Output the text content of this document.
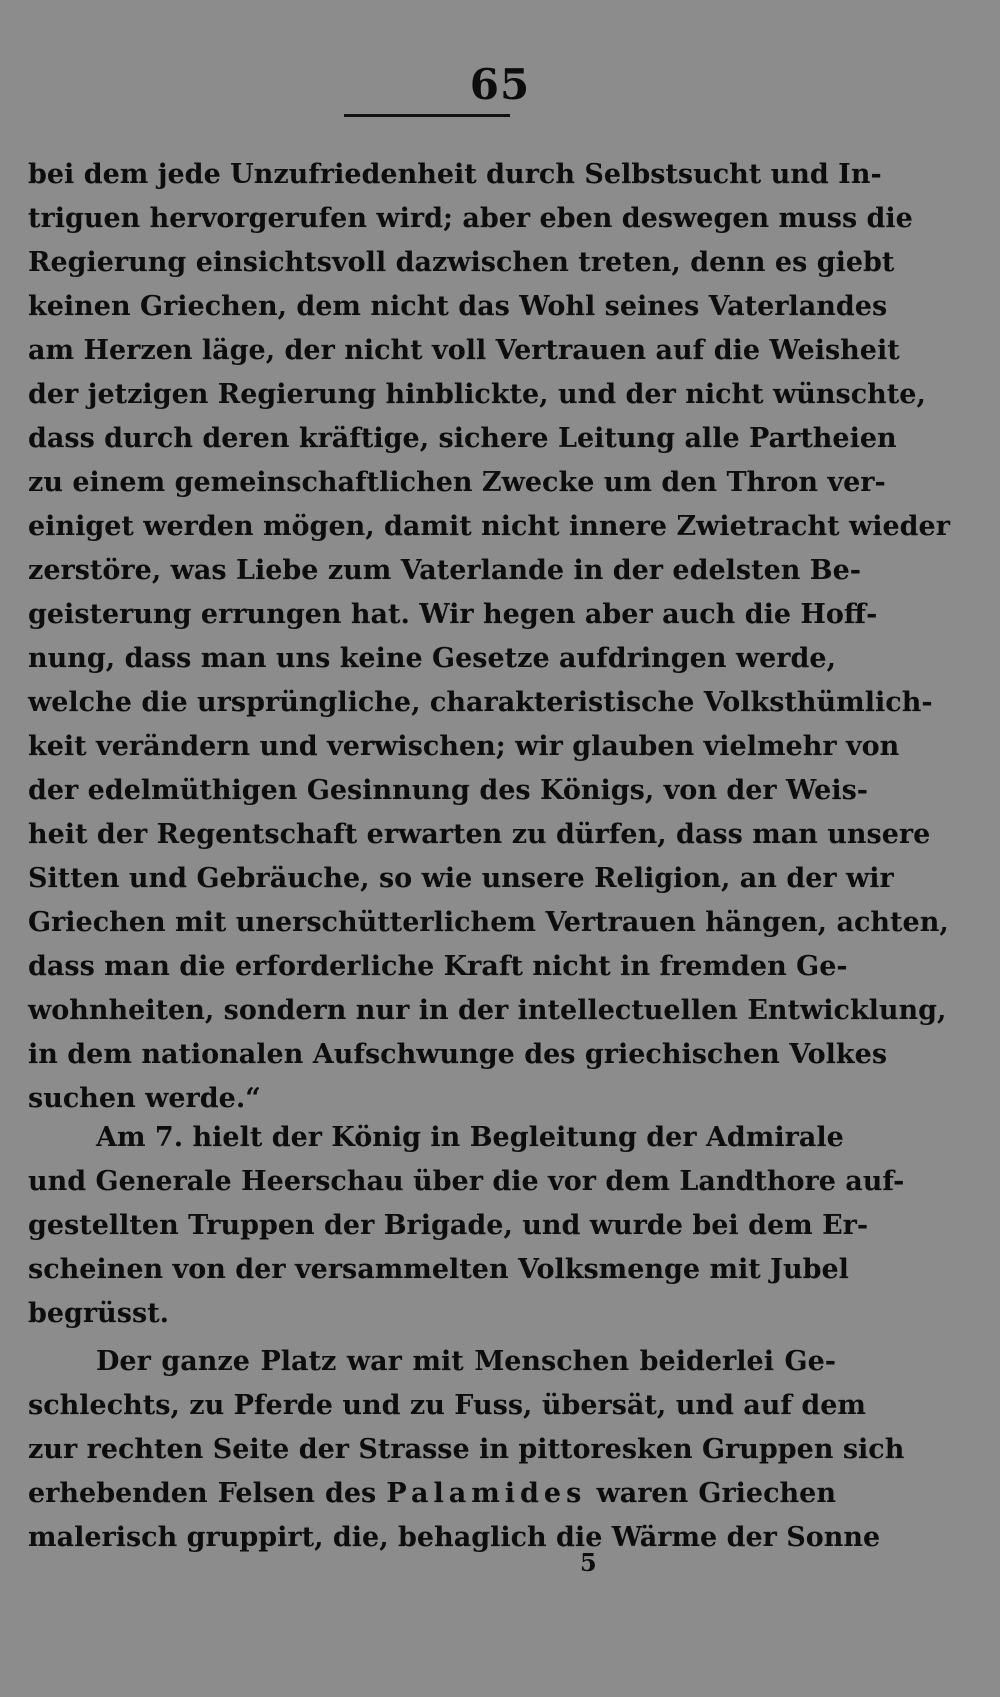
65
bei dem jede Unzufriedenheit durch Selbstsucht und In-
triguen hervorgerufen wird; aber eben deswegen muss die
Regierung einsichtsvoll dazwischen treten, denn es giebt
keinen Griechen, dem nicht das Wohl seines Vaterlandes
am Herzen läge, der nicht voll Vertrauen auf die Weisheit
der jetzigen Regierung hinblickte, und der nicht wünschte,
dass durch deren kräftige, sichere Leitung alle Partheien
zu einem gemeinschaftlichen Zwecke um den Thron ver-
einiget werden mögen, damit nicht innere Zwietracht wieder
zerstöre, was Liebe zum Vaterlande in der edelsten Be-
geisterung errungen hat. Wir hegen aber auch die Hoff-
nung, dass man uns keine Gesetze aufdringen werde,
welche die ursprüngliche, charakteristische Volksthümlich-
keit verändern und verwischen; wir glauben vielmehr von
der edelmüthigen Gesinnung des Königs, von der Weis-
heit der Regentschaft erwarten zu dürfen, dass man unsere
Sitten und Gebräuche, so wie unsere Religion, an der wir
Griechen mit unerschütterlichem Vertrauen hängen, achten,
dass man die erforderliche Kraft nicht in fremden Ge-
wohnheiten, sondern nur in der intellectuellen Entwicklung,
in dem nationalen Aufschwunge des griechischen Volkes
suchen werde.“
Am 7. hielt der König in Begleitung der Admirale
und Generale Heerschau über die vor dem Landthore auf-
gestellten Truppen der Brigade, und wurde bei dem Er-
scheinen von der versammelten Volksmenge mit Jubel
begrüsst.
Der ganze Platz war mit Menschen beiderlei Ge-
schlechts, zu Pferde und zu Fuss, übersät, und auf dem
zur rechten Seite der Strasse in pittoresken Gruppen sich
erhebenden Felsen des Palamides waren Griechen
malerisch gruppirt, die, behaglich die Wärme der Sonne
5
